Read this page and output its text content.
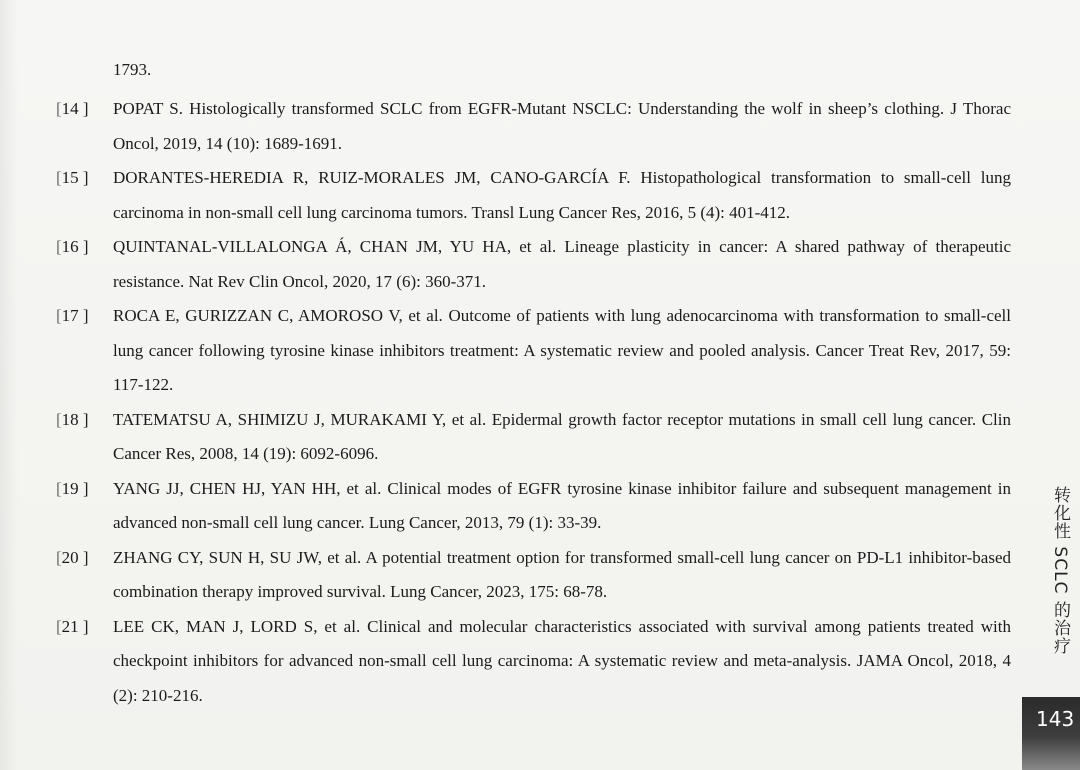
1793.
[14 ]	POPAT S. Histologically transformed SCLC from EGFR-Mutant NSCLC: Understanding the wolf in sheep’s clothing. J Thorac Oncol, 2019, 14 (10): 1689-1691.
[15 ]	DORANTES-HEREDIA R, RUIZ-MORALES JM, CANO-GARCÍA F. Histopathological transformation to small-cell lung carcinoma in non-small cell lung carcinoma tumors. Transl Lung Cancer Res, 2016, 5 (4): 401-412.
[16 ]	QUINTANAL-VILLALONGA Á, CHAN JM, YU HA, et al. Lineage plasticity in cancer: A shared pathway of therapeutic resistance. Nat Rev Clin Oncol, 2020, 17 (6): 360-371.
[17 ]	ROCA E, GURIZZAN C, AMOROSO V, et al. Outcome of patients with lung adenocarcinoma with transformation to small-cell lung cancer following tyrosine kinase inhibitors treatment: A systematic review and pooled analysis. Cancer Treat Rev, 2017, 59: 117-122.
[18 ]	TATEMATSU A, SHIMIZU J, MURAKAMI Y, et al. Epidermal growth factor receptor mutations in small cell lung cancer. Clin Cancer Res, 2008, 14 (19): 6092-6096.
[19 ]	YANG JJ, CHEN HJ, YAN HH, et al. Clinical modes of EGFR tyrosine kinase inhibitor failure and subsequent management in advanced non-small cell lung cancer. Lung Cancer, 2013, 79 (1): 33-39.
[20 ]	ZHANG CY, SUN H, SU JW, et al. A potential treatment option for transformed small-cell lung cancer on PD-L1 inhibitor-based combination therapy improved survival. Lung Cancer, 2023, 175: 68-78.
[21 ]	LEE CK, MAN J, LORD S, et al. Clinical and molecular characteristics associated with survival among patients treated with checkpoint inhibitors for advanced non-small cell lung carcinoma: A systematic review and meta-analysis. JAMA Oncol, 2018, 4 (2): 210-216.
转化性 SCLC 的治疗
143
